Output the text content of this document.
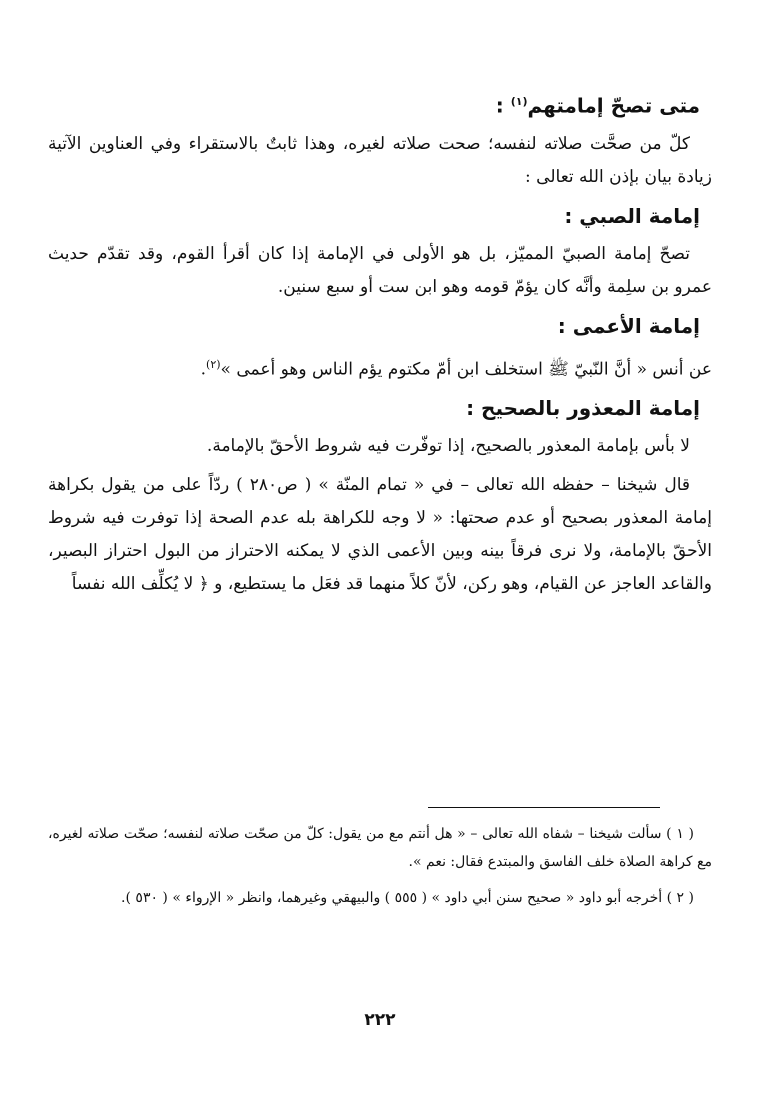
متى تصحّ إمامتهم$^{(١)}$ :

كلّ من صحَّت صلاته لنفسه؛ صحت صلاته لغيره، وهذا ثابتٌ بالاستقراء وفي العناوين الآتية زيادة بيان بإذن الله تعالى :

إمامة الصبي :

تصحّ إمامة الصبيّ المميّز، بل هو الأولى في الإمامة إذا كان أقرأ القوم، وقد تقدّم حديث عمرو بن سلِمة وأنَّه كان يؤمّ قومه وهو ابن ست أو سبع سنين.

إمامة الأعمى :

عن أنس « أنَّ النّبيّ ﷺ استخلف ابن أمّ مكتوم يؤم الناس وهو أعمى »$^{(٢)}$.

إمامة المعذور بالصحيح :

لا بأس بإمامة المعذور بالصحيح، إذا توفّرت فيه شروط الأحقّ بالإمامة.

قال شيخنا – حفظه الله تعالى – في « تمام المنّة » ( ص٢٨٠ ) ردّاً على من يقول بكراهة إمامة المعذور بصحيح أو عدم صحتها: « لا وجه للكراهة بله عدم الصحة إذا توفرت فيه شروط الأحقّ بالإمامة، ولا نرى فرقاً بينه وبين الأعمى الذي لا يمكنه الاحتراز من البول احتراز البصير، والقاعد العاجز عن القيام، وهو ركن، لأنّ كلاً منهما قد فعَل ما يستطيع، و ﴿ لا يُكلِّف الله نفساً

( ١ ) سألت شيخنا – شفاه الله تعالى – « هل أنتم مع من يقول: كلّ من صحّت صلاته لنفسه؛ صحّت صلاته لغيره، مع كراهة الصلاة خلف الفاسق والمبتدع فقال: نعم ».

( ٢ ) أخرجه أبو داود « صحيح سنن أبي داود » ( ٥٥٥ ) والبيهقي وغيرهما، وانظر « الإرواء » ( ٥٣٠ ).

٢٢٢
